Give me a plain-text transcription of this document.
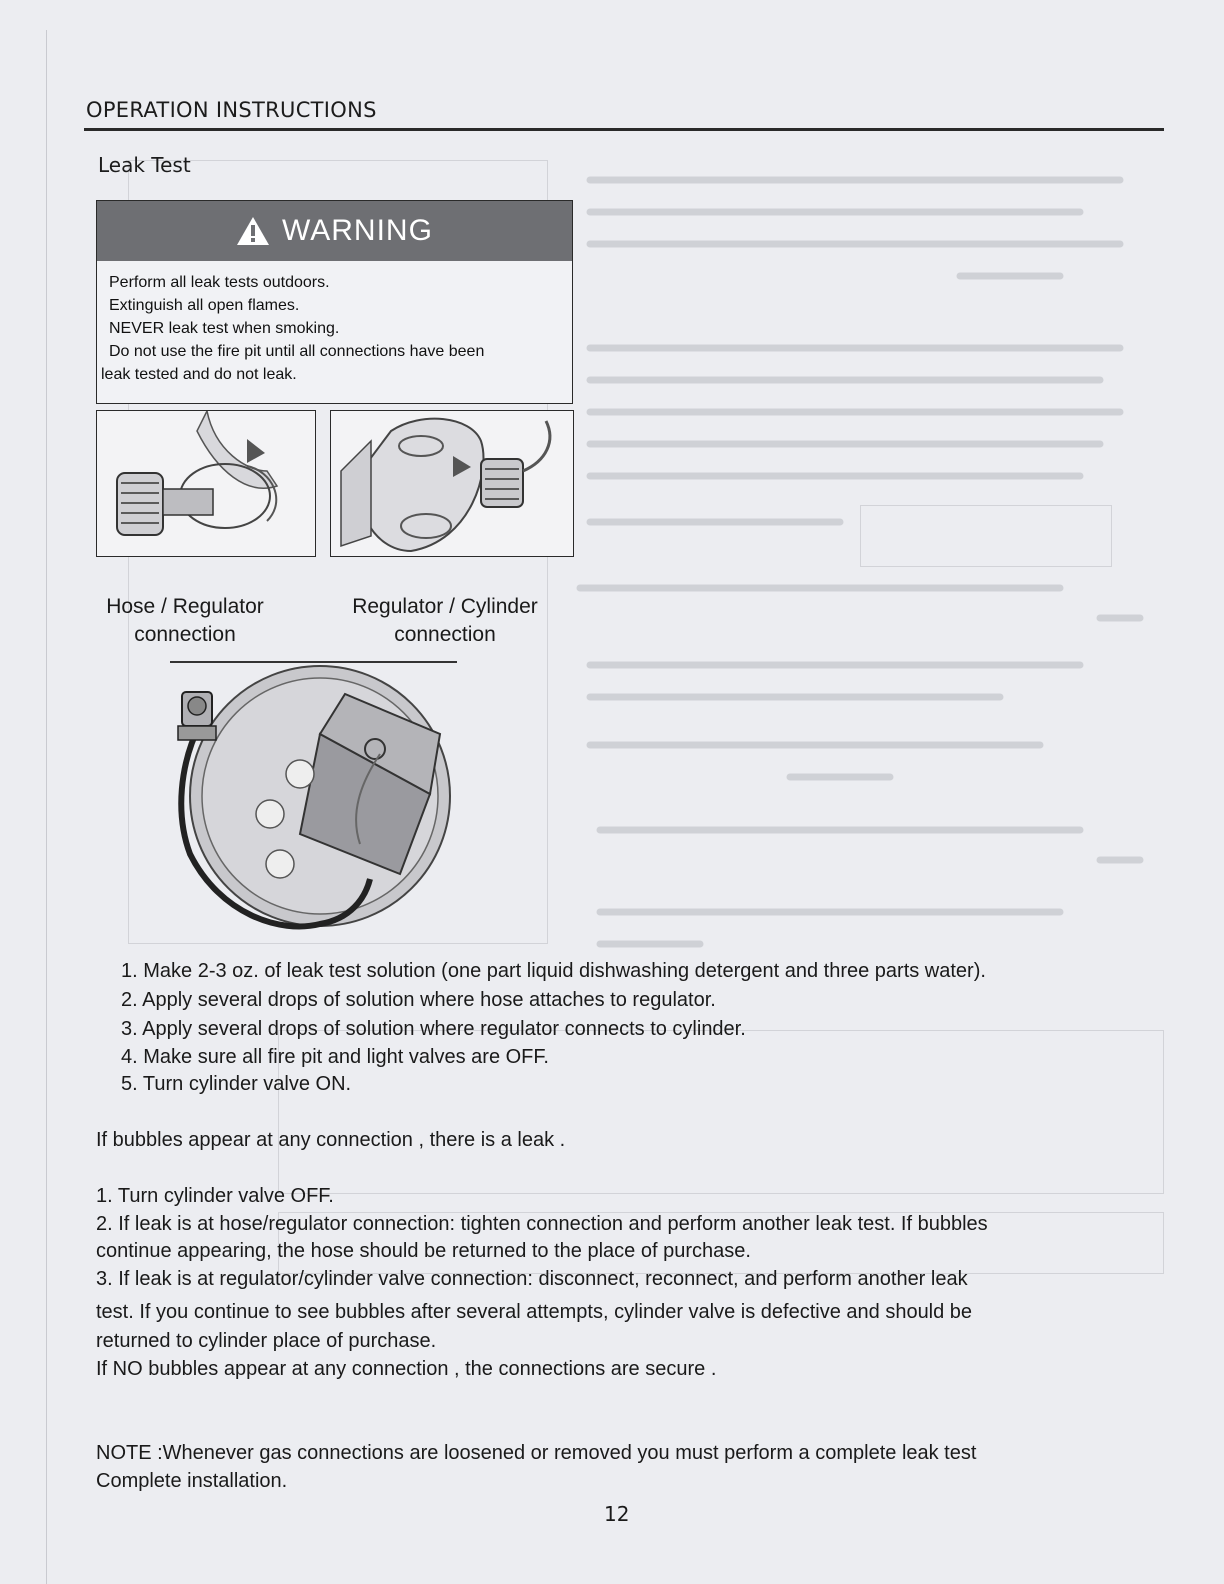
OPERATION INSTRUCTIONS
Leak Test
WARNING
Perform all leak tests outdoors.
Extinguish all open flames.
NEVER leak test when smoking.
Do not use the fire pit until all connections have been
leak tested and do not leak.
Hose / Regulator
connection
Regulator / Cylinder
connection
1. Make 2-3 oz. of leak test solution (one part liquid dishwashing detergent and three parts water).
2. Apply several drops of solution where hose attaches to regulator.
3. Apply several drops of solution where regulator connects to cylinder.
4. Make sure all fire pit and light valves are OFF.
5. Turn cylinder valve ON.
If bubbles appear at any connection , there is a leak .
1. Turn cylinder valve OFF.
2. If leak is at hose/regulator connection: tighten connection and perform another leak test. If bubbles
continue appearing, the hose should be returned to the place of purchase.
3. If leak is at regulator/cylinder valve connection: disconnect, reconnect, and perform another leak
test. If you continue to see bubbles after several attempts, cylinder valve is defective and should be
returned to cylinder place of purchase.
If NO bubbles appear at any connection , the connections are secure .
NOTE :Whenever gas connections are loosened or removed you must perform a complete leak test
Complete installation.
12
